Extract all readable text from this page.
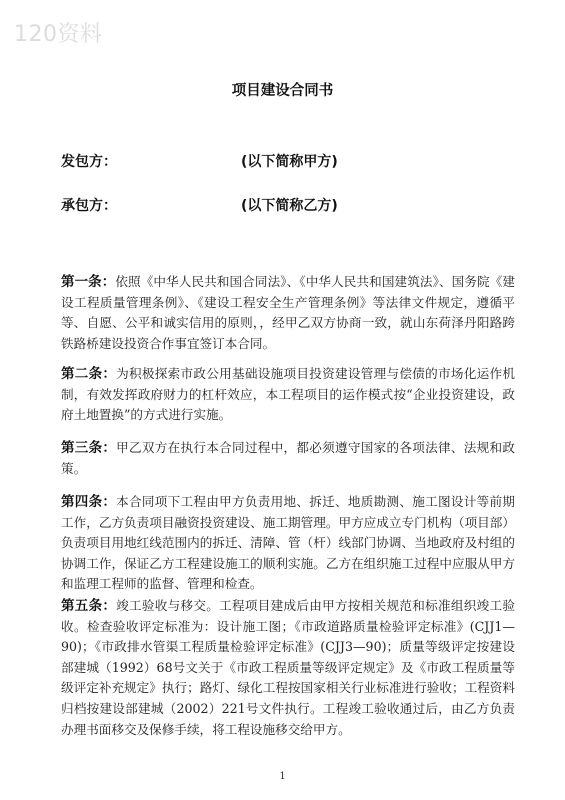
120资料
项目建设合同书
发包方：	(以下简称甲方)
承包方：	(以下简称乙方)
第一条：依照《中华人民共和国合同法》、《中华人民共和国建筑法》、国务院《建设工程质量管理条例》、《建设工程安全生产管理条例》等法律文件规定，遵循平等、自愿、公平和诚实信用的原则，，经甲乙双方协商一致，就山东荷泽丹阳路跨铁路桥建设投资合作事宜签订本合同。
第二条：为积极探索市政公用基础设施项目投资建设管理与偿债的市场化运作机制，有效发挥政府财力的杠杆效应，本工程项目的运作模式按“企业投资建设，政府土地置换”的方式进行实施。
第三条：甲乙双方在执行本合同过程中，都必须遵守国家的各项法律、法规和政策。
第四条：本合同项下工程由甲方负责用地、拆迁、地质勘测、施工图设计等前期工作，乙方负责项目融资投资建设、施工期管理。甲方应成立专门机构（项目部）负责项目用地红线范围内的拆迁、清障、管（杆）线部门协调、当地政府及村组的协调工作，保证乙方工程建设施工的顺利实施。乙方在组织施工过程中应服从甲方和监理工程师的监督、管理和检查。
第五条：竣工验收与移交。工程项目建成后由甲方按相关规范和标准组织竣工验收。检查验收评定标准为：设计施工图；《市政道路质量检验评定标准》(CJJ1—90)；《市政排水管渠工程质量检验评定标准》(CJJ3—90)；质量等级评定按建设部建城（1992）68号文关于《市政工程质量等级评定规定》及《市政工程质量等级评定补充规定》执行；路灯、绿化工程按国家相关行业标准进行验收；工程资料归档按建设部建城（2002）221号文件执行。工程竣工验收通过后，由乙方负责办理书面移交及保修手续，将工程设施移交给甲方。
1
